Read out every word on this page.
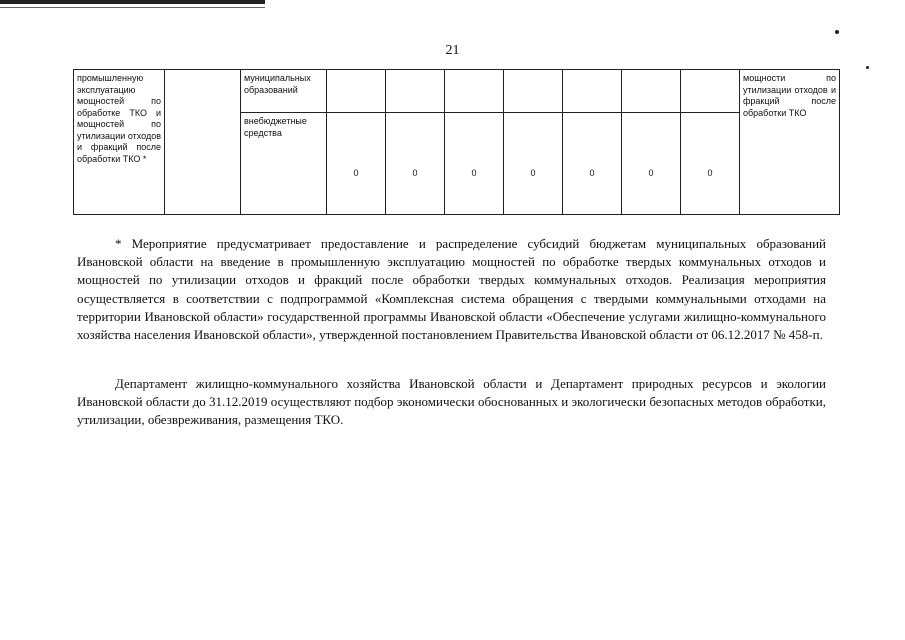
21
промышленную эксплуатацию мощностей по обработке ТКО и мощностей по утилизации отходов и фракций после обработки ТКО *		муниципальных образований								мощности по утилизации отходов и фракций после обработки ТКО

		внебюджетные средства	0	0	0	0	0	0	0	

* Мероприятие предусматривает предоставление и распределение субсидий бюджетам муниципальных образований Ивановской области на введение в промышленную эксплуатацию мощностей по обработке твердых коммунальных отходов и мощностей по утилизации отходов и фракций после обработки твердых коммунальных отходов. Реализация мероприятия осуществляется в соответствии с подпрограммой «Комплексная система обращения с твердыми коммунальными отходами на территории Ивановской области» государственной программы Ивановской области «Обеспечение услугами жилищно-коммунального хозяйства населения Ивановской области», утвержденной постановлением Правительства Ивановской области от 06.12.2017 № 458-п.

Департамент жилищно-коммунального хозяйства Ивановской области и Департамент природных ресурсов и экологии Ивановской области до 31.12.2019 осуществляют подбор экономически обоснованных и экологически безопасных методов обработки, утилизации, обезвреживания, размещения ТКО.
